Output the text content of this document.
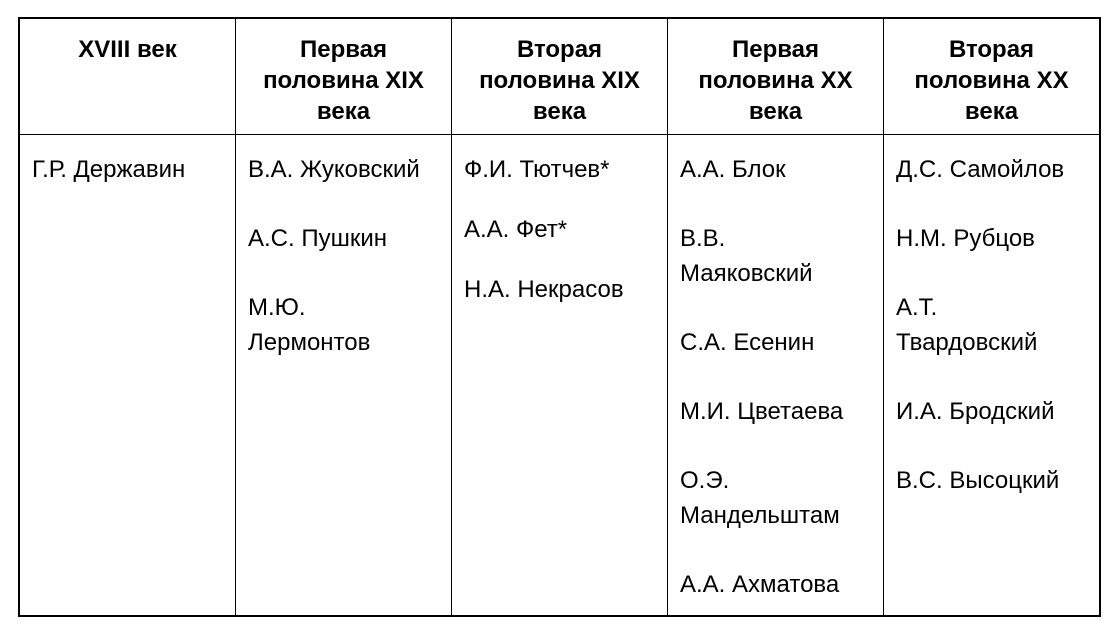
XVIII век
Г.Р. Державин
Первая
половина XIX
века
В.А. Жуковский
А.С. Пушкин
М.Ю. Лермонтов
Вторая
половина XIX
века
Ф.И. Тютчев*
А.А. Фет*
Н.А. Некрасов
Первая
половина XX
века
А.А. Блок
В.В. Маяковский
С.А. Есенин
М.И. Цветаева
О.Э. Мандельштам
А.А. Ахматова
Вторая
половина XX
века
Д.С. Самойлов
Н.М. Рубцов
А.Т. Твардовский
И.А. Бродский
В.С. Высоцкий
